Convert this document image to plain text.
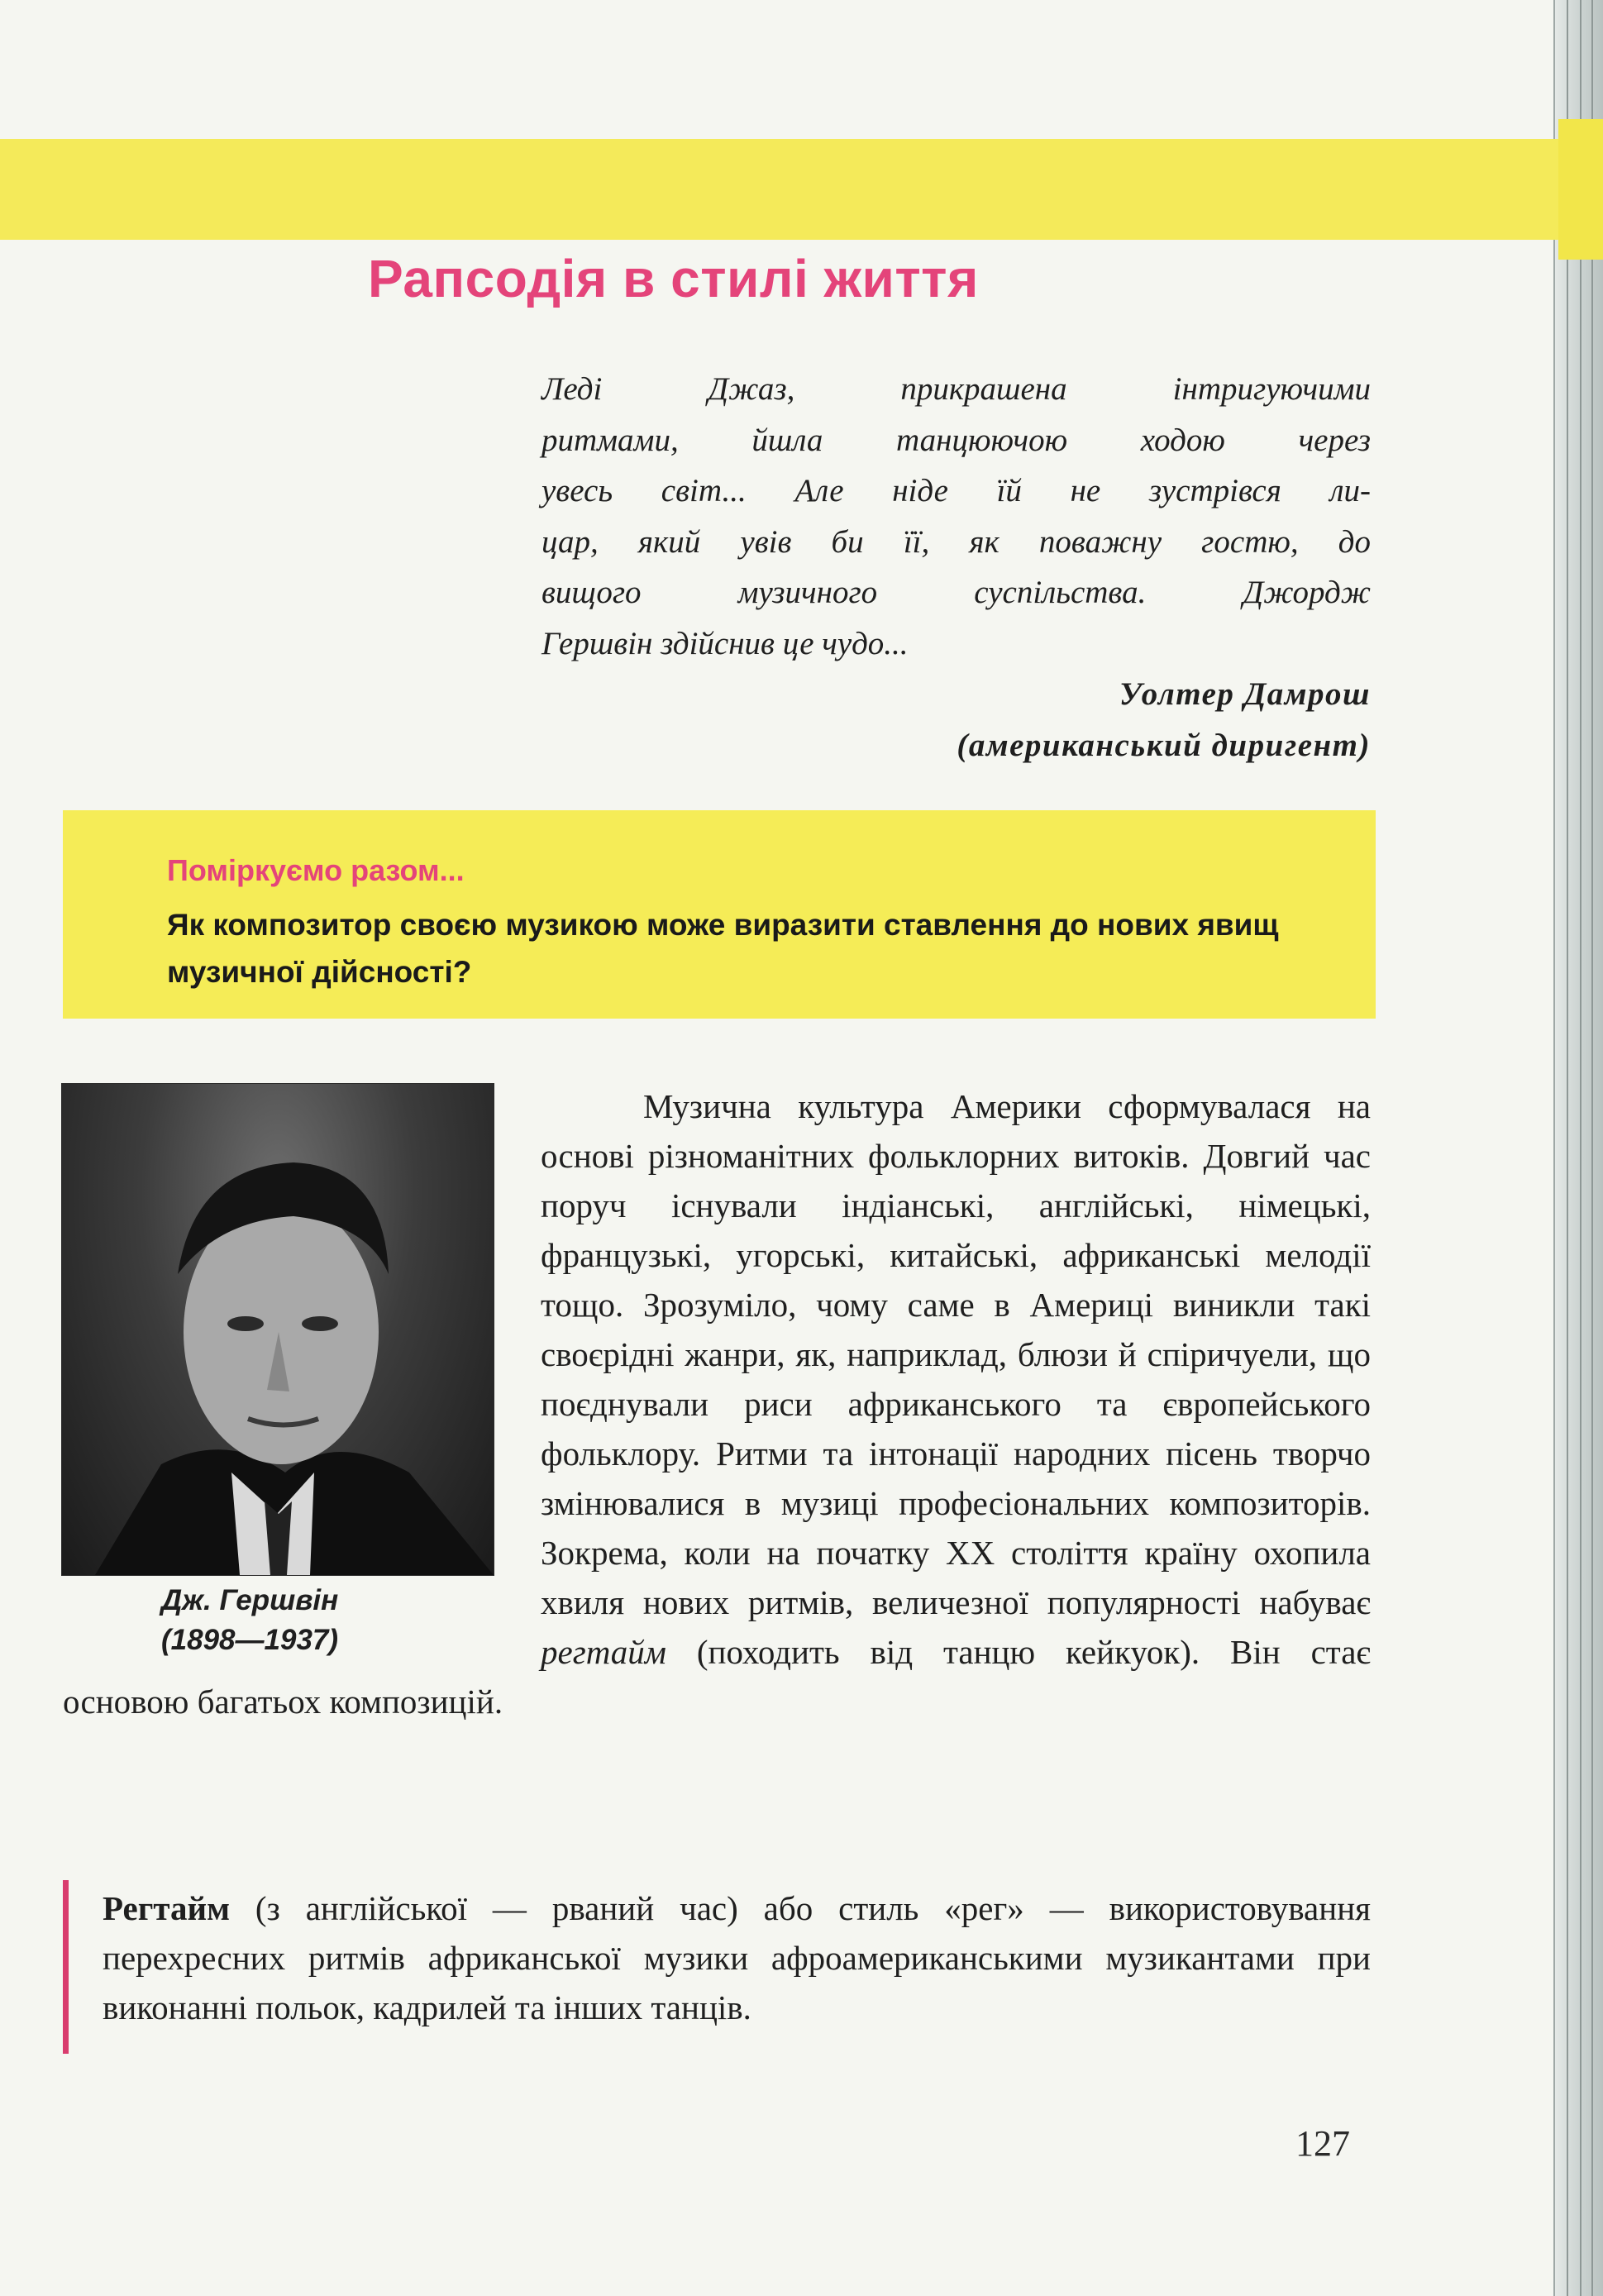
Рапсодія в стилі життя
Леді Джаз, прикрашена інтригуючими
ритмами, йшла танцюючою ходою через
увесь світ... Але ніде їй не зустрівся ли-
цар, який увів би її, як поважну гостю, до
вищого музичного суспільства. Джордж
Гершвін здійснив це чудо...
Уолтер Дамрош
(американський диригент)
Поміркуємо разом...
Як композитор своєю музикою може виразити ставлення до нових явищ музичної дійсності?
Дж. Гершвін
(1898—1937)

Музична культура Америки сформувалася на основі різноманітних фольклорних витоків. Довгий час поруч існували індіанські, англійські, німецькі, французькі, угорські, китайські, африканські мелодії тощо. Зрозуміло, чому саме в Америці виникли такі своєрідні жанри, як, наприклад, блюзи й спіричуели, що поєднували риси африканського та європейського фольклору. Ритми та інтонації народних пісень творчо змінювалися в музиці професіональних композиторів. Зокрема, коли на початку XX століття країну охопила хвиля нових ритмів, величезної популярності набуває регтайм (походить від танцю кейкуок). Він стає основою багатьох композицій.

Регтайм (з англійської — рваний час) або стиль «рег» — використовування перехресних ритмів африканської музики афроамериканськими музикантами при виконанні польок, кадрилей та інших танців.
127
